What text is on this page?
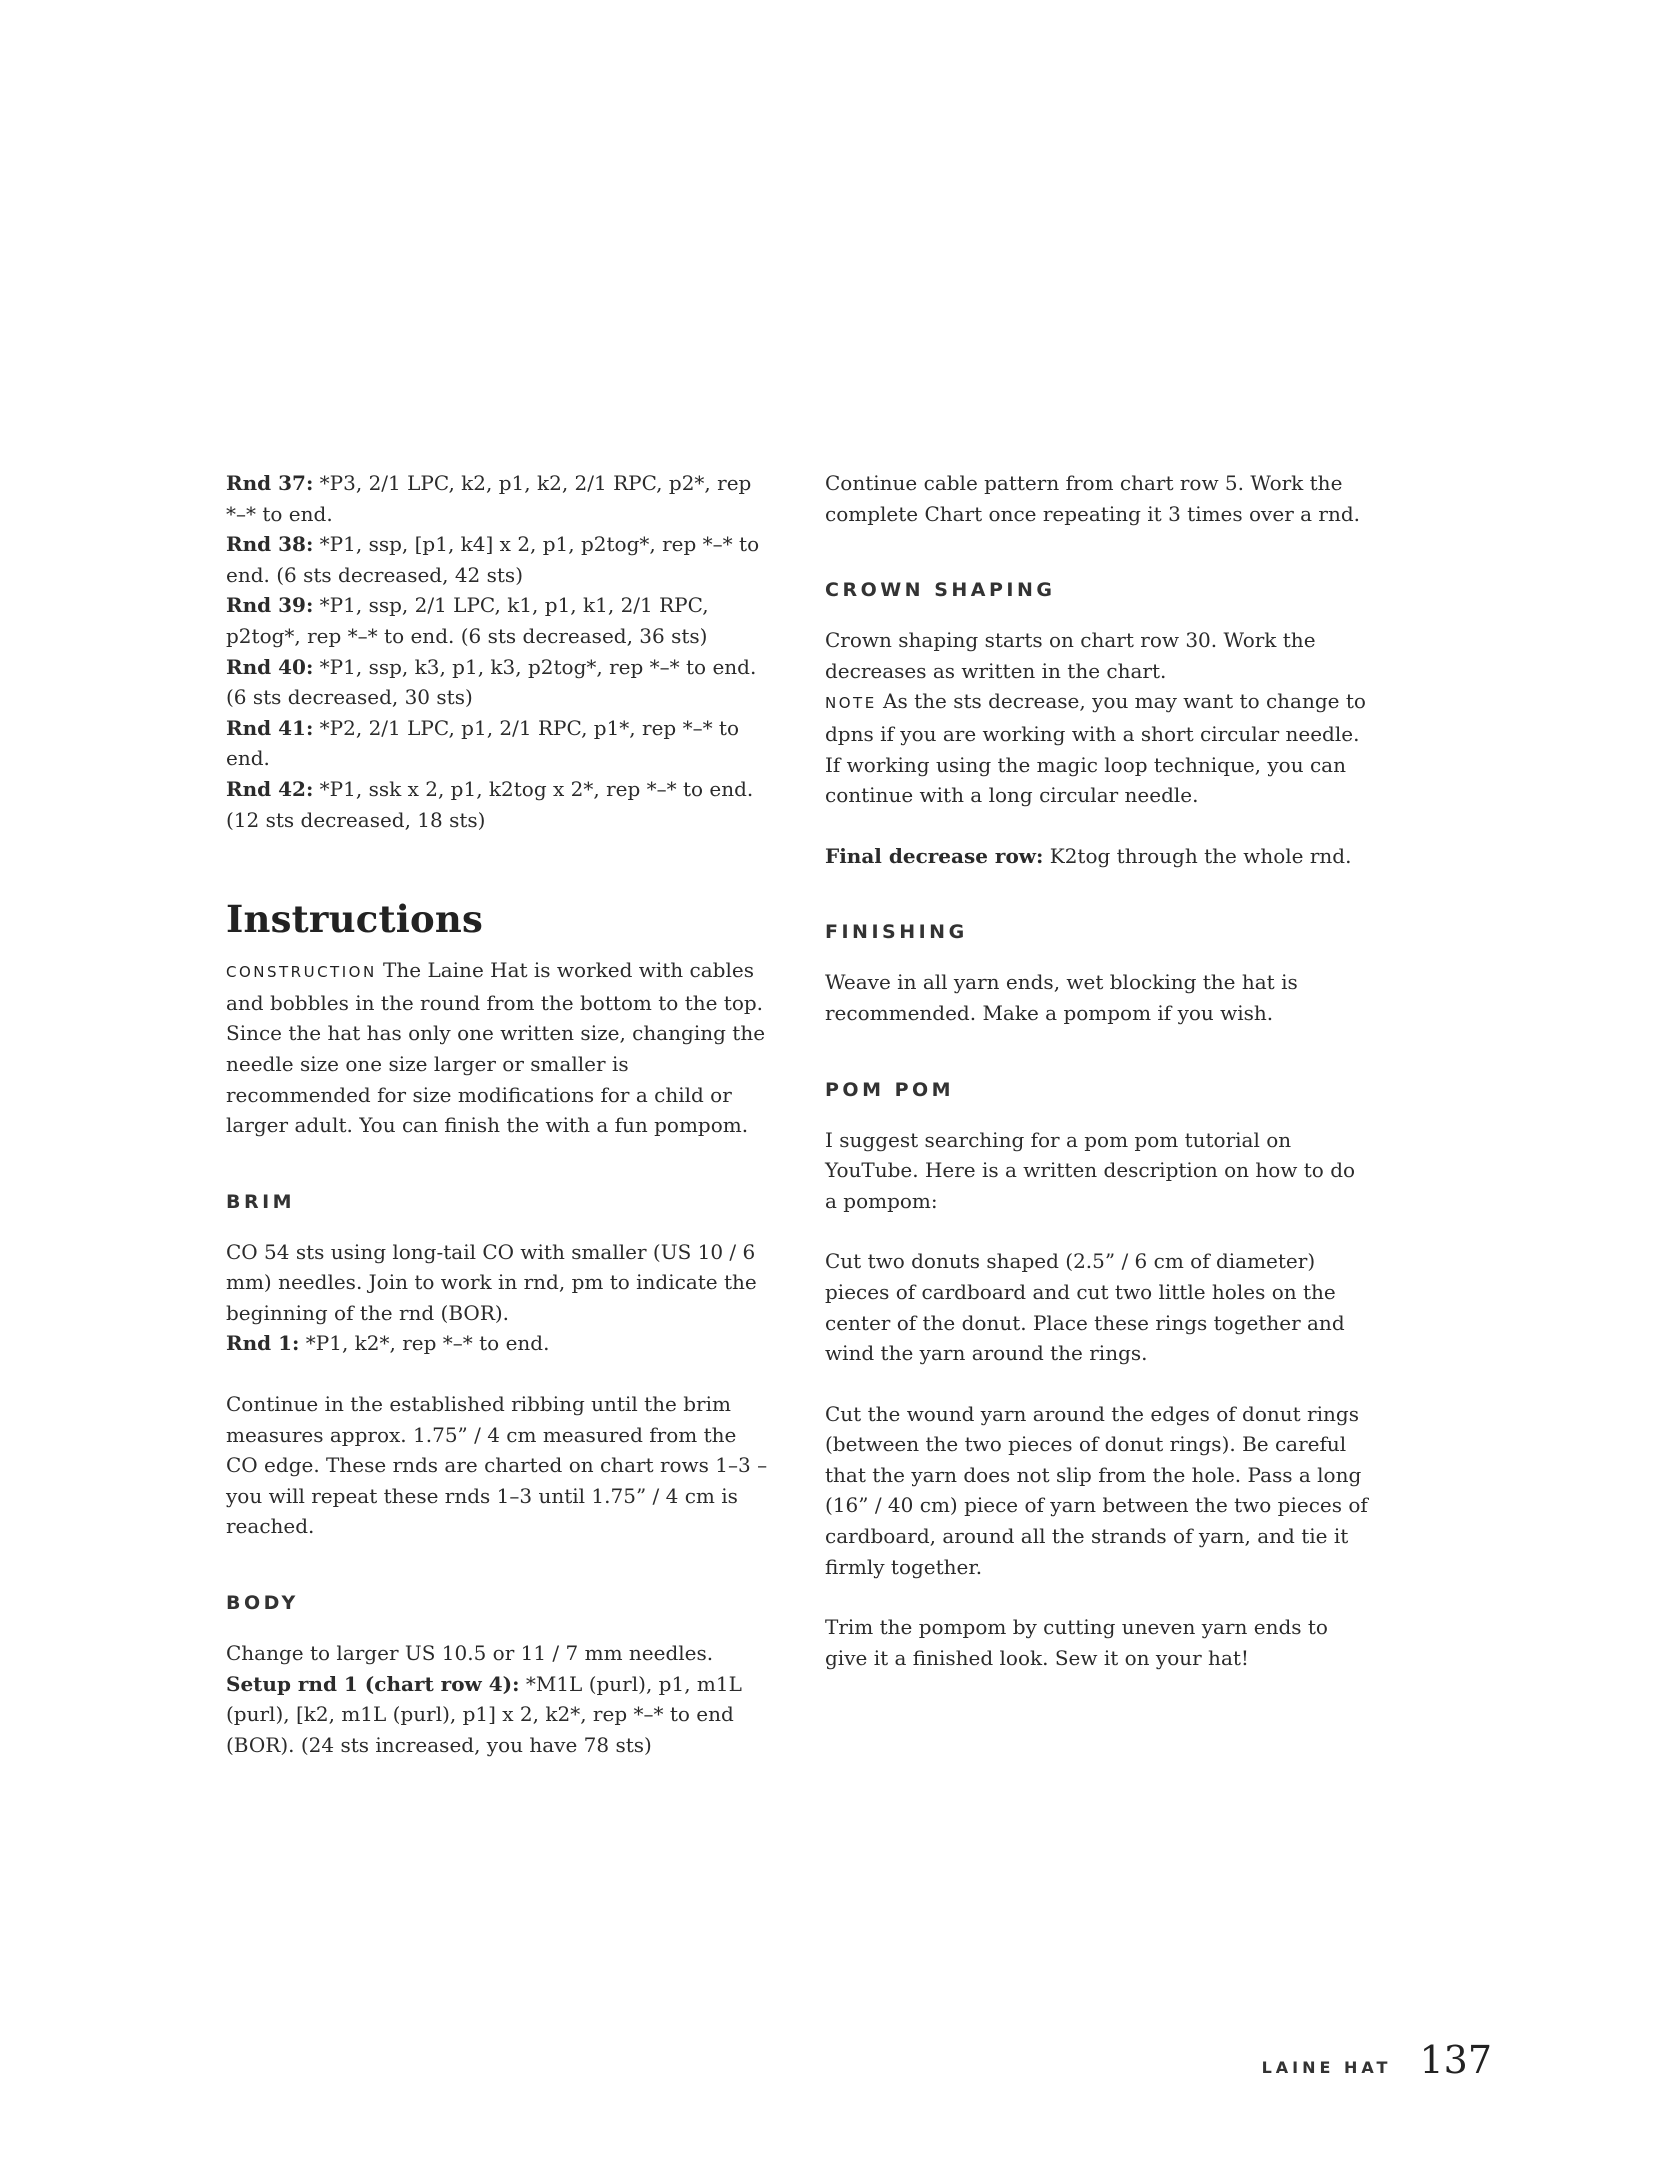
Rnd 37: *P3, 2/1 LPC, k2, p1, k2, 2/1 RPC, p2*, rep *–* to end.

Rnd 38: *P1, ssp, [p1, k4] x 2, p1, p2tog*, rep *–* to end. (6 sts decreased, 42 sts)

Rnd 39: *P1, ssp, 2/1 LPC, k1, p1, k1, 2/1 RPC, p2tog*, rep *–* to end. (6 sts decreased, 36 sts)

Rnd 40: *P1, ssp, k3, p1, k3, p2tog*, rep *–* to end. (6 sts decreased, 30 sts)

Rnd 41: *P2, 2/1 LPC, p1, 2/1 RPC, p1*, rep *–* to end.

Rnd 42: *P1, ssk x 2, p1, k2tog x 2*, rep *–* to end. (12 sts decreased, 18 sts)

Instructions

CONSTRUCTION The Laine Hat is worked with cables and bobbles in the round from the bottom to the top. Since the hat has only one written size, changing the needle size one size larger or smaller is recommended for size modifications for a child or larger adult. You can finish the with a fun pompom.

BRIM

CO 54 sts using long-tail CO with smaller (US 10 / 6 mm) needles. Join to work in rnd, pm to indicate the beginning of the rnd (BOR).

Rnd 1: *P1, k2*, rep *–* to end.

Continue in the established ribbing until the brim measures approx. 1.75” / 4 cm measured from the CO edge. These rnds are charted on chart rows 1–3 – you will repeat these rnds 1–3 until 1.75” / 4 cm is reached.

BODY

Change to larger US 10.5 or 11 / 7 mm needles.

Setup rnd 1 (chart row 4): *M1L (purl), p1, m1L (purl), [k2, m1L (purl), p1] x 2, k2*, rep *–* to end (BOR). (24 sts increased, you have 78 sts)

Continue cable pattern from chart row 5. Work the complete Chart once repeating it 3 times over a rnd.

CROWN SHAPING

Crown shaping starts on chart row 30. Work the decreases as written in the chart.

NOTE As the sts decrease, you may want to change to dpns if you are working with a short circular needle. If working using the magic loop technique, you can continue with a long circular needle.

Final decrease row: K2tog through the whole rnd.

FINISHING

Weave in all yarn ends, wet blocking the hat is recommended. Make a pompom if you wish.

POM POM

I suggest searching for a pom pom tutorial on YouTube. Here is a written description on how to do a pompom:

Cut two donuts shaped (2.5” / 6 cm of diameter) pieces of cardboard and cut two little holes on the center of the donut. Place these rings together and wind the yarn around the rings.

Cut the wound yarn around the edges of donut rings (between the two pieces of donut rings). Be careful that the yarn does not slip from the hole. Pass a long (16” / 40 cm) piece of yarn between the two pieces of cardboard, around all the strands of yarn, and tie it firmly together.

Trim the pompom by cutting uneven yarn ends to give it a finished look. Sew it on your hat!

LAINE HAT 137
